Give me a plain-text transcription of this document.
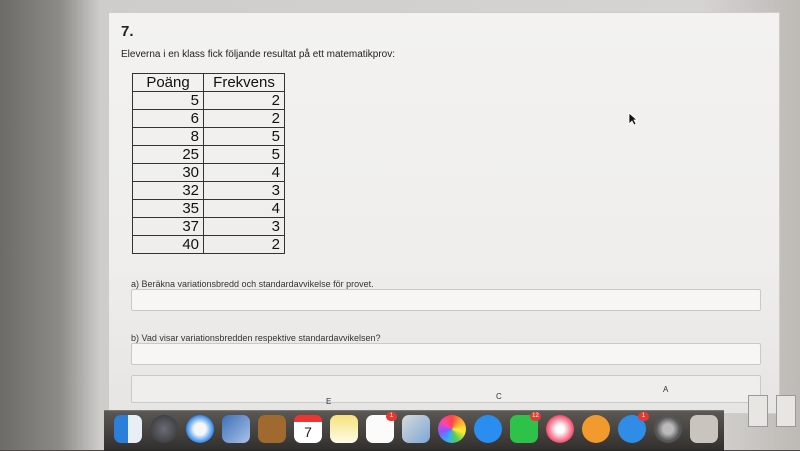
7.
Eleverna i en klass fick följande resultat på ett matematikprov:
Poäng	Frekvens
5	2
6	2
8	5
25	5
30	4
32	3
35	4
37	3
40	2
a) Beräkna variationsbredd och standardavvikelse för provet.
b) Vad visar variationsbredden respektive standardavvikelsen?
E
C
A
7
1	12	1
